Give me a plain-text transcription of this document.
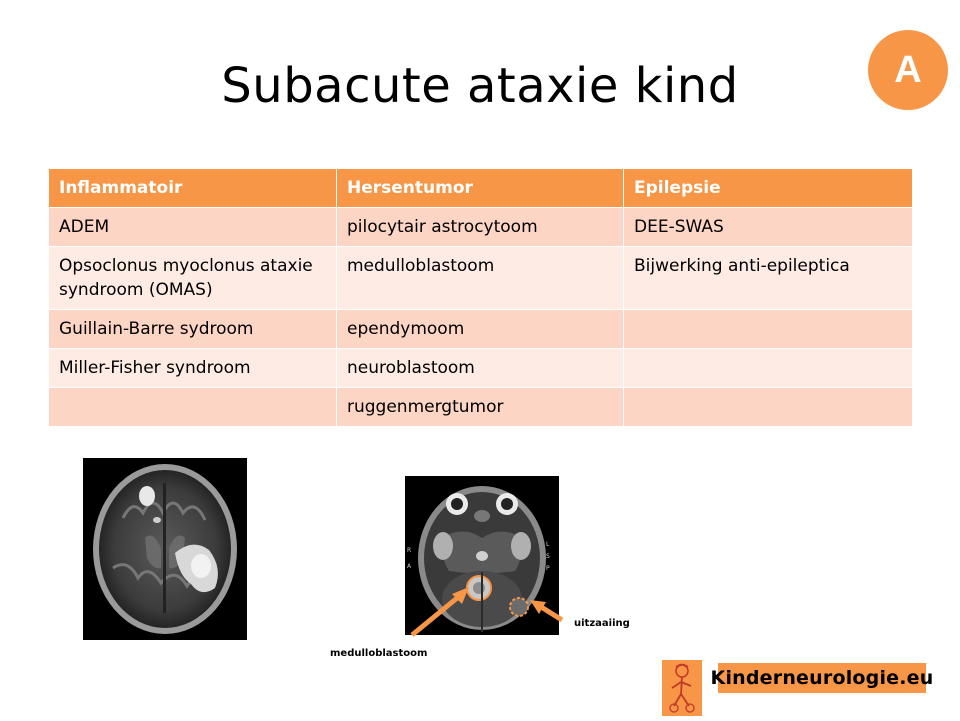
Subacute ataxie kind	A
Inflammatoir	Hersentumor	Epilepsie
ADEM	pilocytair astrocytoom	DEE-SWAS
Opsoclonus myoclonus ataxie syndroom (OMAS)	medulloblastoom	Bijwerking anti-epileptica
Guillain-Barre sydroom	ependymoom	
Miller-Fisher syndroom	neuroblastoom	
	ruggenmergtumor	
R
A
L
S
P
medulloblastoom
uitzaaiing
Kinderneurologie.eu
